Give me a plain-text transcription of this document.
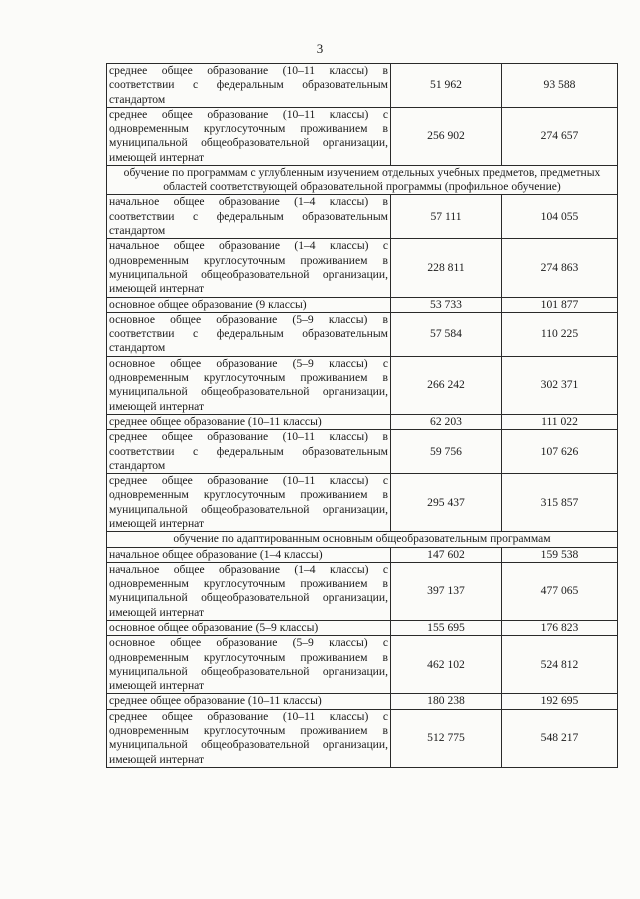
3
среднее общее образование (10–11 классы) в соответствии с федеральным образовательным стандартом	51 962	93 588
среднее общее образование (10–11 классы) с одновременным круглосуточным проживанием в муниципальной общеобразовательной организации, имеющей интернат	256 902	274 657
обучение по программам с углубленным изучением отдельных учебных предметов, предметных областей соответствующей образовательной программы (профильное обучение)		
начальное общее образование (1–4 классы) в соответствии с федеральным образовательным стандартом	57 111	104 055
начальное общее образование (1–4 классы) с одновременным круглосуточным проживанием в муниципальной общеобразовательной организации, имеющей интернат	228 811	274 863
основное общее образование (9 классы)	53 733	101 877
основное общее образование (5–9 классы) в соответствии с федеральным образовательным стандартом	57 584	110 225
основное общее образование (5–9 классы) с одновременным круглосуточным проживанием в муниципальной общеобразовательной организации, имеющей интернат	266 242	302 371
среднее общее образование (10–11 классы)	62 203	111 022
среднее общее образование (10–11 классы) в соответствии с федеральным образовательным стандартом	59 756	107 626
среднее общее образование (10–11 классы) с одновременным круглосуточным проживанием в муниципальной общеобразовательной организации, имеющей интернат	295 437	315 857
обучение по адаптированным основным общеобразовательным программам		
начальное общее образование (1–4 классы)	147 602	159 538
начальное общее образование (1–4 классы) с одновременным круглосуточным проживанием в муниципальной общеобразовательной организации, имеющей интернат	397 137	477 065
основное общее образование (5–9 классы)	155 695	176 823
основное общее образование (5–9 классы) с одновременным круглосуточным проживанием в муниципальной общеобразовательной организации, имеющей интернат	462 102	524 812
среднее общее образование (10–11 классы)	180 238	192 695
среднее общее образование (10–11 классы) с одновременным круглосуточным проживанием в муниципальной общеобразовательной организации, имеющей интернат	512 775	548 217
